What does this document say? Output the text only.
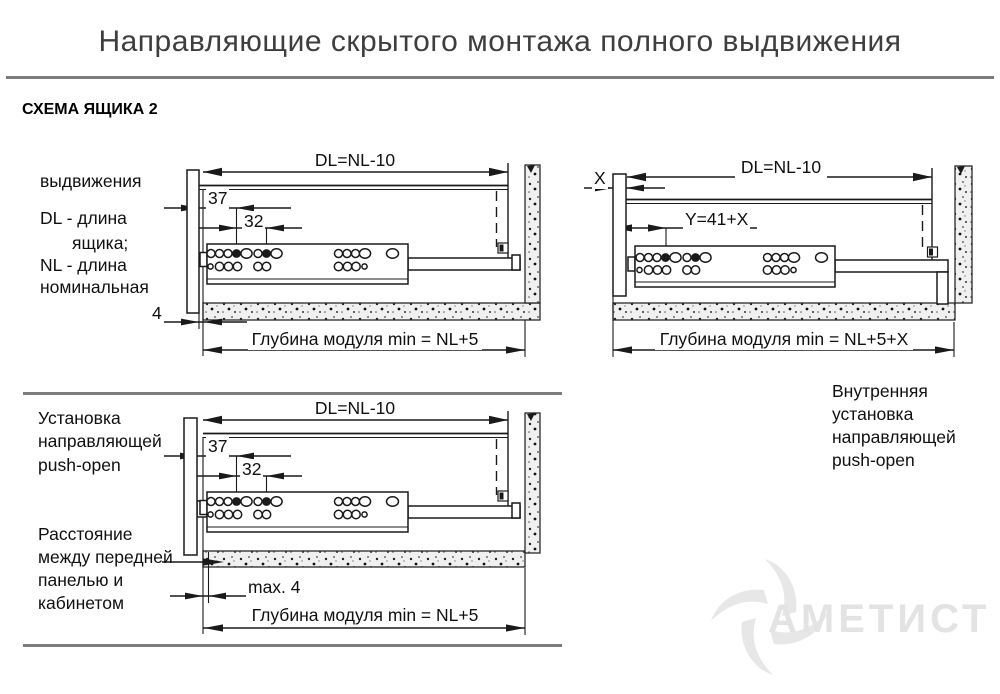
Направляющие скрытого монтажа полного выдвижения
СХЕМА ЯЩИКА 2
выдвижения
DL - длина
ящика;
NL - длина
номинальная
Установка
направляющей
push-open
Расстояние
между передней
панелью и
кабинетом
Внутренняя
установка
направляющей
push-open
DL=NL-10
37
32
4
Глубина модуля min = NL+5
DL=NL-10
X
Y=41+X
Глубина модуля min = NL+5+X
DL=NL-10
37
32
max. 4
Глубина модуля min = NL+5	АМЕТИСТ
